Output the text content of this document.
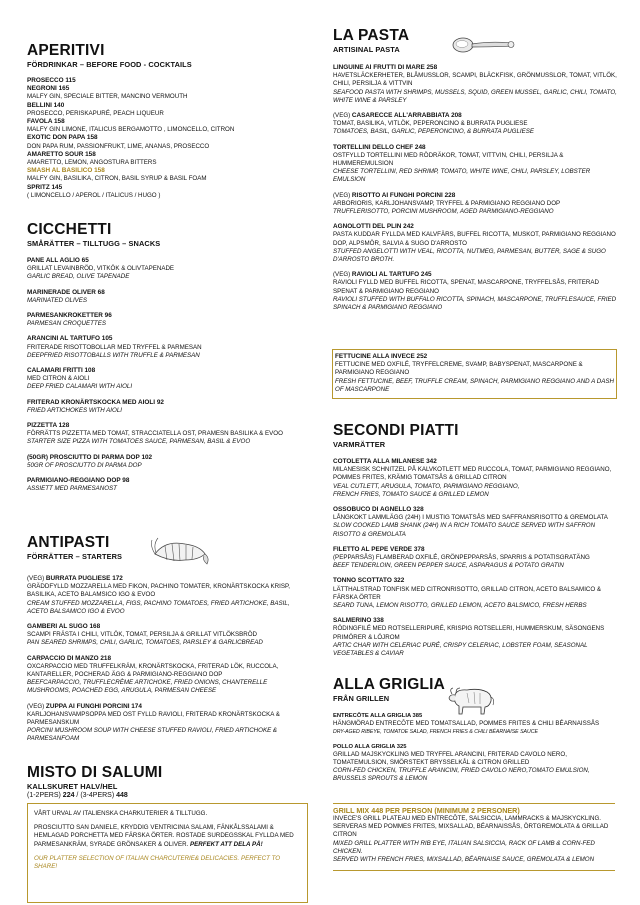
APERITIVI
FÖRDRINKAR – BEFORE FOOD - COCKTAILS
PROSECCO 115
NEGRONI 165
MALFY GIN, SPECIALE BITTER, MANCINO VERMOUTH
BELLINI 140
PROSECCO, PERISKAPURÉ, PEACH LIQUEUR
FAVOLA 158
MALFY GIN LIMONE, ITALICUS BERGAMOTTO , LIMONCELLO, CITRON
EXOTIC DON PAPA 158
DON PAPA RUM, PASSIONFRUKT, LIME, ANANAS, PROSECCO
AMARETTO SOUR 158
AMARETTO, LEMON, ANGOSTURA BITTERS
SMASH AL BASILICO 158
MALFY GIN, BASILIKA, CITRON, BASIL SYRUP & BASIL FOAM
SPRITZ 145
( LIMONCELLO / APEROL / ITALICUS / HUGO )
CICCHETTI
SMÅRÄTTER – TILLTUGG – SNACKS
PANE ALL AGLIO 65
GRILLAT LEVAINBRÖD, VITKÖK & OLIVTAPENADE
GARLIC BREAD, OLIVE TAPENADE
MARINERADE OLIVER 68
MARINATED OLIVES
PARMESANKROKETTER 96
PARMESAN CROQUETTES
ARANCINI AL TARTUFO 105
FRITERADE RISOTTOBOLLAR MED TRYFFEL & PARMESAN
DEEPFRIED RISOTTOBALLS WITH TRUFFLE & PARMESAN
CALAMARI FRITTI 108
MED CITRON & AIOLI
DEEP FRIED CALAMARI WITH AIOLI
FRITERAD KRONÄRTSKOCKA MED AIOLI 92
FRIED ARTICHOKES WITH AIOLI
PIZZETTA 128
FÖRRÄTTS PIZZETTA MED TOMAT, STRACCIATELLA OST, PRAMESN BASILIKA & EVOO
STARTER SIZE PIZZA WITH TOMATOES SAUCE, PARMESAN, BASIL & EVOO
(50GR) PROSCIUTTO DI PARMA DOP 102
50GR OF PROSCIUTTO DI PARMA DOP
PARMIGIANO-REGGIANO DOP 98
ASSIETT MED PARMESANOST
ANTIPASTI
FÖRRÄTTER – STARTERS
(VEG) BURRATA PUGLIESE 172
GRÄDDFYLLD MOZZARELLA MED FIKON, PACHINO TOMATER, KRONÄRTSKOCKA KRISP, BASILIKA, ACETO BALAMSICO IGO & EVOO
CREAM STUFFED MOZZARELLA, FIGS, PACHINO TOMATOES, FRIED ARTICHOKE, BASIL, ACETO BALSAMICO IGO & EVOO
GAMBERI AL SUGO 168
SCAMPI FRÄSTA I CHILI, VITLÖK, TOMAT, PERSILJA & GRILLAT VITLÖKSBRÖD
PAN SEARED SHRIMPS, CHILI, GARLIC, TOMATOES, PARSLEY & GARLICBREAD
CARPACCIO DI MANZO 218
OXCARPACCIO MED TRUFFELKRÄM, KRONÄRTSKOCKA, FRITERAD LÖK, RUCCOLA, KANTARELLER, POCHERAD ÄGG & PARMIGIANO-REGGIANO DOP
BEEFCARPACCIO, TRUFFLECRÈME ARTICHOKE, FRIED ONIONS, CHANTERELLE MUSHROOMS, POACHED EGG, ARUGULA, PARMESAN CHEESE
(VEG) ZUPPA AI FUNGHI PORCINI 174
KARLJOHANSVAMPSOPPA MED OST FYLLD RAVIOLI, FRITERAD KRONÄRTSKOCKA & PARMESANSKUM
PORCINI MUSHROOM SOUP WITH CHEESE STUFFED RAVIOLI, FRIED ARTICHOKE & PARMESANFOAM
MISTO DI SALUMI
KALLSKURET HALV/HEL
(1-2PERS) 224 / (3-4PERS) 448
VÅRT URVAL AV ITALIENSKA CHARKUTERIER & TILLTUGG.
PROSCIUTTO SAN DANIELE, KRYDDIG VENTRICINIA SALAMI, FÄNKÅLSSALAMI & HEMLAGAD PORCHETTA MED FÄRSKA ÖRTER. ROSTADE SURDEGSSKAL FYLLDA MED PARMESANKRÄM, SYRADE GRÖNSAKER & OLIVER. PERFEKT ATT DELA PÅ!
OUR PLATTER SELECTION OF ITALIAN CHARCUTERIE& DELICACIES. PERFECT TO SHARE!
LA PASTA
ARTISINAL PASTA
LINGUINE AI FRUTTI DI MARE 258
HAVETSLÄCKERHETER, BLÅMUSSLOR, SCAMPI, BLÄCKFISK, GRÖNMUSSLOR, TOMAT, VITLÖK, CHILI, PERSILJA & VITTVIN
SEAFOOD PASTA WITH SHRIMPS, MUSSELS, SQUID, GREEN MUSSEL, GARLIC, CHILI, TOMATO, WHITE WINE & PARSLEY
(VEG) CASARECCE ALL'ARRABBIATA 208
TOMAT, BASILIKA, VITLÖK, PEPERONCINO & BURRATA PUGLIESE
TOMATOES, BASIL, GARLIC, PEPERONCINO, & BURRATA PUGLIESE
TORTELLINI DELLO CHEF 248
OSTFYLLD TORTELLINI MED RÖDRÄKOR, TOMAT, VITTVIN, CHILI, PERSILJA & HUMMEREMULSION
CHEESE TORTELLINI, RED SHRIMP, TOMATO, WHITE WINE, CHILI, PARSLEY, LOBSTER EMULSION
(VEG) RISOTTO AI FUNGHI PORCINI 228
ARBORIORIS, KARLJOHANSVAMP, TRYFFEL & PARMIGIANO REGGIANO DOP
TRUFFLERISOTTO, PORCINI MUSHROOM, AGED PARMIGIANO-REGGIANO
AGNOLOTTI DEL PLIN 242
PASTA KUDDAR FYLLDA MED KALVFÄRS, BUFFEL RICOTTA, MUSKOT, PARMIGIANO REGGIANO DOP, ALPSMÖR, SALVIA & SUGO D'ARROSTO
STUFFED ANGELOTTI WITH VEAL, RICOTTA, NUTMEG, PARMESAN, BUTTER, SAGE & SUGO D'ARROSTO BROTH.
(VEG) RAVIOLI AL TARTUFO 245
RAVIOLI FYLLD MED BUFFEL RICOTTA, SPENAT, MASCARPONE, TRYFFELSÅS, FRITERAD SPENAT & PARMIGIANO REGGIANO
RAVIOLI STUFFED WITH BUFFALO RICOTTA, SPINACH, MASCARPONE, TRUFFLESAUCE, FRIED SPINACH & PARMIGIANO REGGIANO
SECONDI PIATTI
VARMRÄTTER
COTOLETTA ALLA MILANESE 342
MILANESISK SCHNITZEL PÅ KALVKOTLETT MED RUCCOLA, TOMAT, PARMIGIANO REGGIANO, POMMES FRITES, KRÄMIG TOMATSÅS & GRILLAD CITRON
VEAL CUTLETT, ARUGULA, TOMATO, PARMIGIANO REGGIANO,
FRENCH FRIES, TOMATO SAUCE & GRILLED LEMON
OSSOBUCO DI AGNELLO 328
LÅNGKOKT LAMMLÄGG (24H) I MUSTIG TOMATSÅS MED SAFFRANSRISOTTO & GREMOLATA
SLOW COOKED LAMB SHANK (24H) IN A RICH TOMATO SAUCE SERVED WITH SAFFRON RISOTTO & GREMOLATA
FILETTO AL PEPE VERDE 378
(PEPPARSÅS) FLAMBERAD OXFILÉ, GRÖNPEPPARSÅS, SPARRIS & POTATISGRATÄNG
BEEF TENDERLOIN, GREEN PEPPER SAUCE, ASPARAGUS & POTATO GRATIN
TONNO SCOTTATO 322
LÄTTHALSTRAD TONFISK MED CITRONRISOTTO, GRILLAD CITRON, ACETO BALSAMICO & FÄRSKA ÖRTER
SEARD TUNA, LEMON RISOTTO, GRILLED LEMON, ACETO BALSMICO, FRESH HERBS
SALMERINO 338
RÖDINGFILÉ MED ROTSELLERIPURÉ, KRISPIG ROTSELLERI, HUMMERSKUM, SÄSONGENS PRIMÖRER & LÖJROM
ARTIC CHAR WITH CELERIAC PURÉ, CRISPY CELERIAC, LOBSTER FOAM, SEASONAL VEGETABLES & CAVIAR
ALLA GRIGLIA
FRÅN GRILLEN
ENTRECÔTE ALLA GRIGLIA 385
HÄNGMÖRAD ENTRECÔTE MED TOMATSALLAD, POMMES FRITES & CHILI BÉARNAISSÅS
DRY-AGED RIBEYE, TOMATOE SALAD, FRENCH FRIES & CHILI BÉARNAISE SAUCE
POLLO ALLA GRIGLIA 325
GRILLAD MAJSKYCKLING MED TRYFFEL ARANCINI, FRITERAD CAVOLO NERO, TOMATEMULSION, SMÖRSTEKT BRYSSELKÅL & CITRON GRILLED
CORN-FED CHICKEN, TRUFFLE ARANCINI, FRIED CAVOLO NERO,TOMATO EMULSION, BRUSSELS SPROUTS & LEMON
GRILL MIX 448 PER PERSON (MINIMUM 2 PERSONER)
INVECE'S GRILL PLATEAU MED ENTRECÔTE, SALSICCIA, LAMMRACKS & MAJSKYCKLING. SERVERAS MED POMMES FRITES, MIXSALLAD, BÉARNAISSÅS, ÖRTGREMOLATA & GRILLAD CITRON
MIXED GRILL PLATTER WITH RIB EYE, ITALIAN SALSICCIA, RACK OF LAMB & CORN-FED CHICKEN.
SERVED WITH FRENCH FRIES, MIXSALLAD, BÉARNAISE SAUCE, GREMOLATA & LEMON
FETTUCINE ALLA INVECE 252
FETTUCINE MED OXFILÉ, TRYFFELCREME, SVAMP, BABYSPENAT, MASCARPONE & PARMIGIANO REGGIANO
FRESH FETTUCINE, BEEF, TRUFFLE CREAM, SPINACH, PARMIGIANO REGGIANO AND A DASH OF MASCARPONE
